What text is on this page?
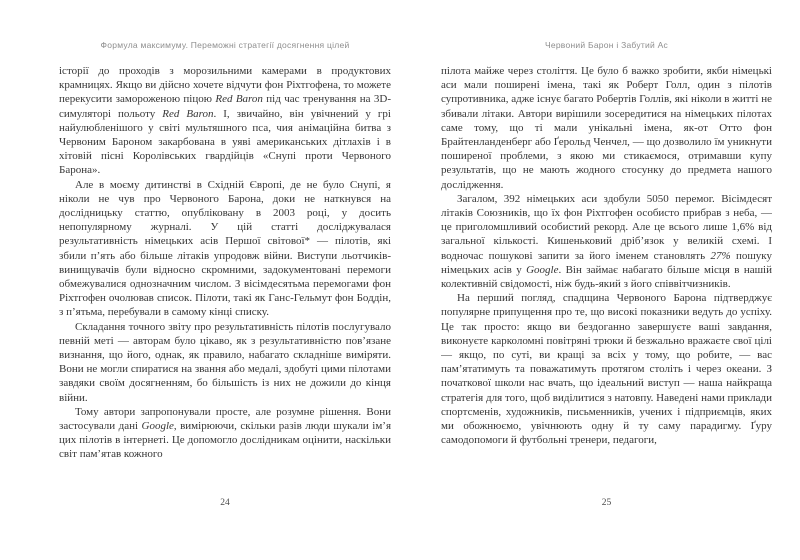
Формула максимуму. Переможні стратегії досягнення цілей

історії до проходів з морозильними камерами в продуктових крамницях. Якщо ви дійсно хочете відчути фон Ріхтгофена, то можете перекусити замороженою піцою Red Baron під час тренування на 3D-симуляторі польоту Red Baron. І, звичайно, він увічнений у грі найулюбленішого у світі мультяшного пса, чия анімаційна битва з Червоним Бароном закарбована в уяві американських дітлахів і в хітовій пісні Королівських гвардійців «Снупі проти Червоного Барона».

Але в моєму дитинстві в Східній Європі, де не було Снупі, я ніколи не чув про Червоного Барона, доки не наткнувся на дослідницьку статтю, опубліковану в 2003 році, у досить непопулярному журналі. У цій статті досліджувалася результативність німецьких асів Першої світової* — пілотів, які збили п’ять або більше літаків упродовж війни. Виступи льотчиків-винищувачів були відносно скромними, задокументовані перемоги обмежувалися однозначним числом. З вісімдесятьма перемогами фон Ріхтгофен очолював список. Пілоти, такі як Ганс-Гельмут фон Боддін, з п’ятьма, перебували в самому кінці списку.

Складання точного звіту про результативність пілотів послугувало певній меті — авторам було цікаво, як з результативністю пов’язане визнання, що його, однак, як правило, набагато складніше виміряти. Вони не могли спиратися на звання або медалі, здобуті цими пілотами завдяки своїм досягненням, бо більшість із них не дожили до кінця війни.

Тому автори запропонували просте, але розумне рішення. Вони застосували дані Google, вимірюючи, скільки разів люди шукали ім’я цих пілотів в інтернеті. Це допомогло дослідникам оцінити, наскільки світ пам’ятав кожного

24
Червоний Барон і Забутий Ас

пілота майже через століття. Це було б важко зробити, якби німецькі аси мали поширені імена, такі як Роберт Голл, один з пілотів супротивника, адже існує багато Робертів Голлів, які ніколи в житті не збивали літаки. Автори вирішили зосередитися на німецьких пілотах саме тому, що ті мали унікальні імена, як-от Отто фон Брайтенланденберг або Ґерольд Ченчел, — що дозволило їм уникнути поширеної проблеми, з якою ми стикаємося, отримавши купу результатів, що не мають жодного стосунку до предмета нашого дослідження.

Загалом, 392 німецьких аси здобули 5050 перемог. Вісімдесят літаків Союзників, що їх фон Ріхтгофен особисто прибрав з неба, — це приголомшливий особистий рекорд. Але це всього лише 1,6% від загальної кількості. Кишеньковий дріб’язок у великій схемі. І водночас пошукові запити за його іменем становлять 27% пошуку німецьких асів у Google. Він займає набагато більше місця в нашій колективній свідомості, ніж будь-який з його співвітчизників.

На перший погляд, спадщина Червоного Барона підтверджує популярне припущення про те, що високі показники ведуть до успіху. Це так просто: якщо ви бездоганно завершуєте ваші завдання, виконуєте карколомні повітряні трюки й безжально вражаєте свої цілі — якщо, по суті, ви кращі за всіх у тому, що робите, — вас пам’ятатимуть та поважатимуть протягом століть і через океани. З початкової школи нас вчать, що ідеальний виступ — наша найкраща стратегія для того, щоб виділитися з натовпу. Наведені нами приклади спортсменів, художників, письменників, учених і підприємців, яких ми обожнюємо, увічнюють одну й ту саму парадигму. Ґуру самодопомоги й футбольні тренери, педагоги,

25
